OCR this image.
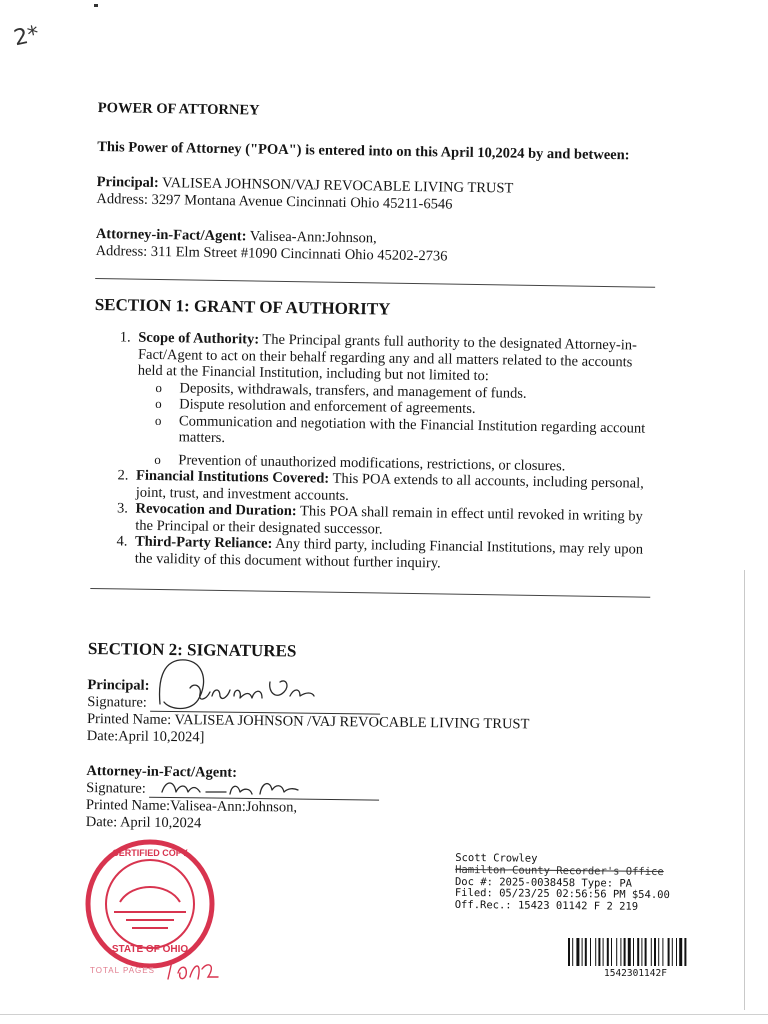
2*

POWER OF ATTORNEY

This Power of Attorney ("POA") is entered into on this April 10,2024 by and between:

Principal: VALISEA JOHNSON/VAJ REVOCABLE LIVING TRUST
Address: 3297 Montana Avenue Cincinnati Ohio 45211-6546

Attorney-in-Fact/Agent: Valisea-Ann:Johnson,
Address: 311 Elm Street #1090 Cincinnati Ohio 45202-2736

SECTION 1: GRANT OF AUTHORITY

1. Scope of Authority: The Principal grants full authority to the designated Attorney-in-Fact/Agent to act on their behalf regarding any and all matters related to the accounts held at the Financial Institution, including but not limited to:
o Deposits, withdrawals, transfers, and management of funds.
o Dispute resolution and enforcement of agreements.
o Communication and negotiation with the Financial Institution regarding account matters.
o Prevention of unauthorized modifications, restrictions, or closures.
2. Financial Institutions Covered: This POA extends to all accounts, including personal, joint, trust, and investment accounts.
3. Revocation and Duration: This POA shall remain in effect until revoked in writing by the Principal or their designated successor.
4. Third-Party Reliance: Any third party, including Financial Institutions, may rely upon the validity of this document without further inquiry.

SECTION 2: SIGNATURES

Principal:
Signature:
Printed Name: VALISEA JOHNSON /VAJ REVOCABLE LIVING TRUST
Date:April 10,2024]
Attorney-in-Fact/Agent:
Signature:
Printed Name:Valisea-Ann:Johnson,
Date: April 10,2024
CERTIFIED COPY
STATE OF OHIO
TOTAL PAGES
Scott Crowley
Hamilton County Recorder's Office
Doc #: 2025-0038458 Type: PA
Filed: 05/23/25 02:56:56 PM $54.00
Off.Rec.: 15423 01142 F 2 219
1542301142F
